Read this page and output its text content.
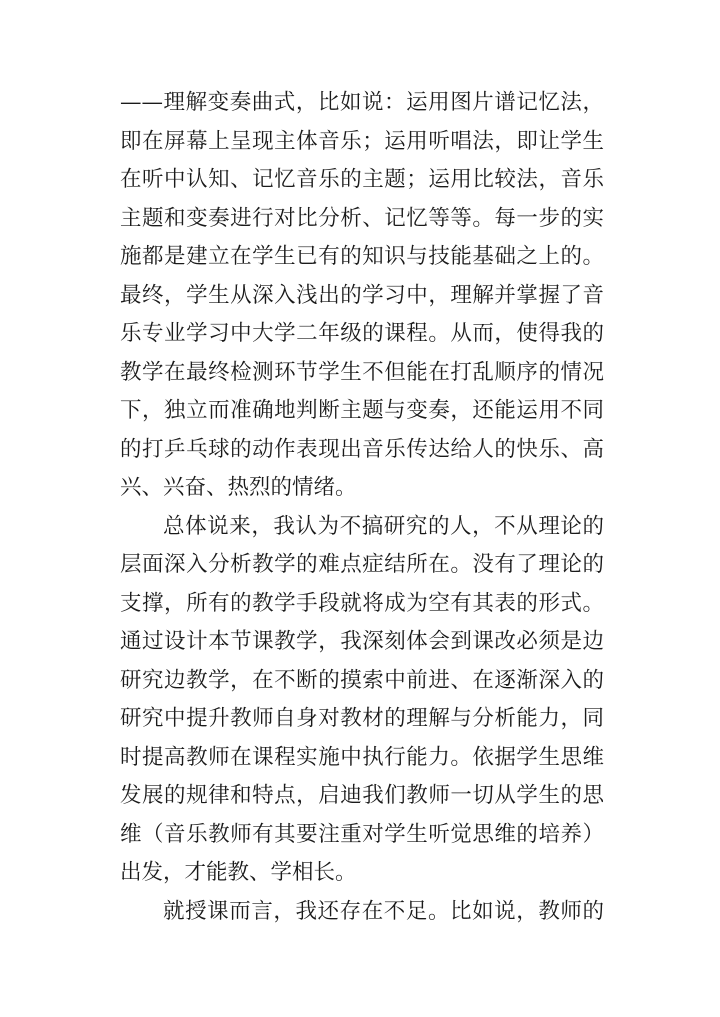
——理解变奏曲式，比如说：运用图片谱记忆法，
即在屏幕上呈现主体音乐；运用听唱法，即让学生
在听中认知、记忆音乐的主题；运用比较法，音乐
主题和变奏进行对比分析、记忆等等。每一步的实
施都是建立在学生已有的知识与技能基础之上的。
最终，学生从深入浅出的学习中，理解并掌握了音
乐专业学习中大学二年级的课程。从而，使得我的
教学在最终检测环节学生不但能在打乱顺序的情况
下，独立而准确地判断主题与变奏，还能运用不同
的打乒乓球的动作表现出音乐传达给人的快乐、高
兴、兴奋、热烈的情绪。
总体说来，我认为不搞研究的人，不从理论的
层面深入分析教学的难点症结所在。没有了理论的
支撑，所有的教学手段就将成为空有其表的形式。
通过设计本节课教学，我深刻体会到课改必须是边
研究边教学，在不断的摸索中前进、在逐渐深入的
研究中提升教师自身对教材的理解与分析能力，同
时提高教师在课程实施中执行能力。依据学生思维
发展的规律和特点，启迪我们教师一切从学生的思
维（音乐教师有其要注重对学生听觉思维的培养）
出发，才能教、学相长。
就授课而言，我还存在不足。比如说，教师的
